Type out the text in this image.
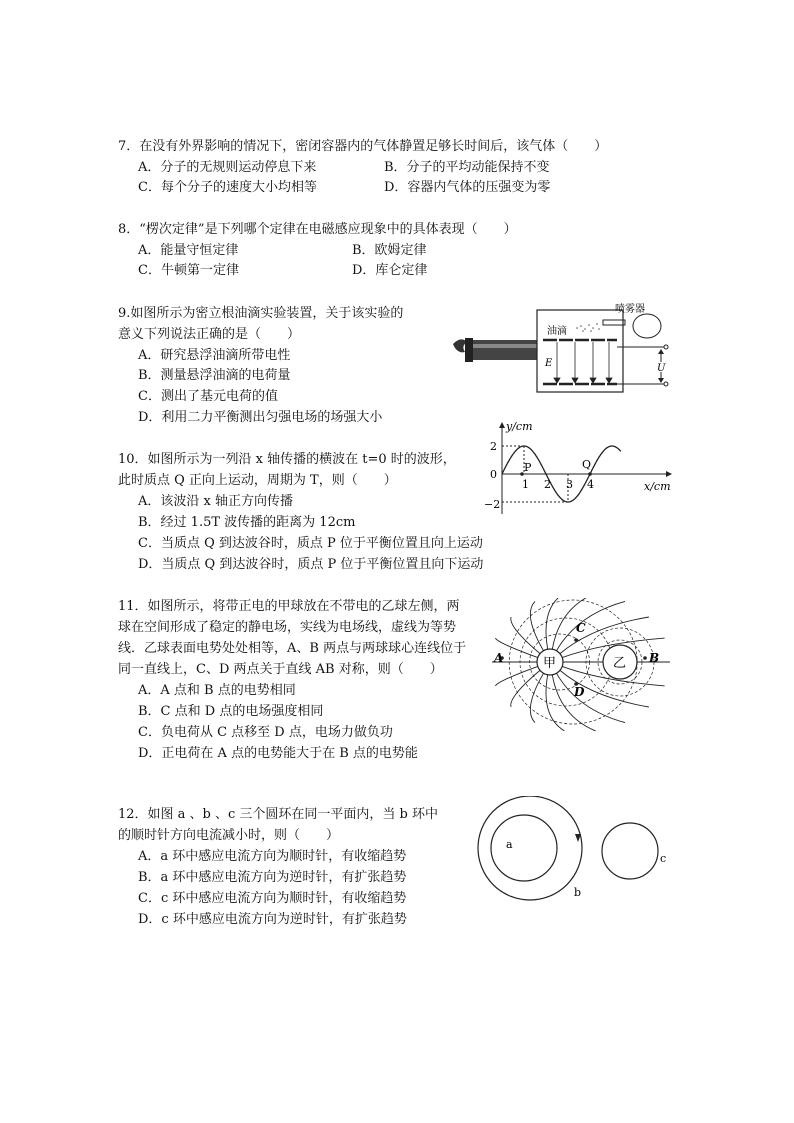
7．在没有外界影响的情况下，密闭容器内的气体静置足够长时间后，该气体（　　）
A．分子的无规则运动停息下来	B．分子的平均动能保持不变
C．每个分子的速度大小均相等	D．容器内气体的压强变为零
8．“楞次定律”是下列哪个定律在电磁感应现象中的具体表现（　　）
A．能量守恒定律	B．欧姆定律
C．牛顿第一定律	D．库仑定律
9.如图所示为密立根油滴实验装置，关于该实验的
意义下列说法正确的是（　　）
A．研究悬浮油滴所带电性
B．测量悬浮油滴的电荷量
C．测出了基元电荷的值
D．利用二力平衡测出匀强电场的场强大小
E
油滴
喷雾器
U
10．如图所示为一列沿 x 轴传播的横波在 t=0 时的波形，
此时质点 Q 正向上运动，周期为 T，则（　　）
A．该波沿 x 轴正方向传播
B．经过 1.5T 波传播的距离为 12cm
C．当质点 Q 到达波谷时，质点 P 位于平衡位置且向上运动
D．当质点 Q 到达波谷时，质点 P 位于平衡位置且向下运动
y/cm
x/cm
2
0
−2
1 2 3 4
P	Q
11．如图所示，将带正电的甲球放在不带电的乙球左侧，两
球在空间形成了稳定的静电场，实线为电场线，虚线为等势
线．乙球表面电势处处相等，A、B 两点与两球球心连线位于
同一直线上，C、D 两点关于直线 AB 对称，则（　　）
A．A 点和 B 点的电势相同
B．C 点和 D 点的电场强度相同
C．负电荷从 C 点移至 D 点，电场力做负功
D．正电荷在 A 点的电势能大于在 B 点的电势能
甲	乙
A	B
C
D
12．如图 a 、b 、c 三个圆环在同一平面内，当 b 环中
的顺时针方向电流减小时，则（　　）
A．a 环中感应电流方向为顺时针，有收缩趋势
B．a 环中感应电流方向为逆时针，有扩张趋势
C．c 环中感应电流方向为顺时针，有收缩趋势
D．c 环中感应电流方向为逆时针，有扩张趋势
a
b
c
